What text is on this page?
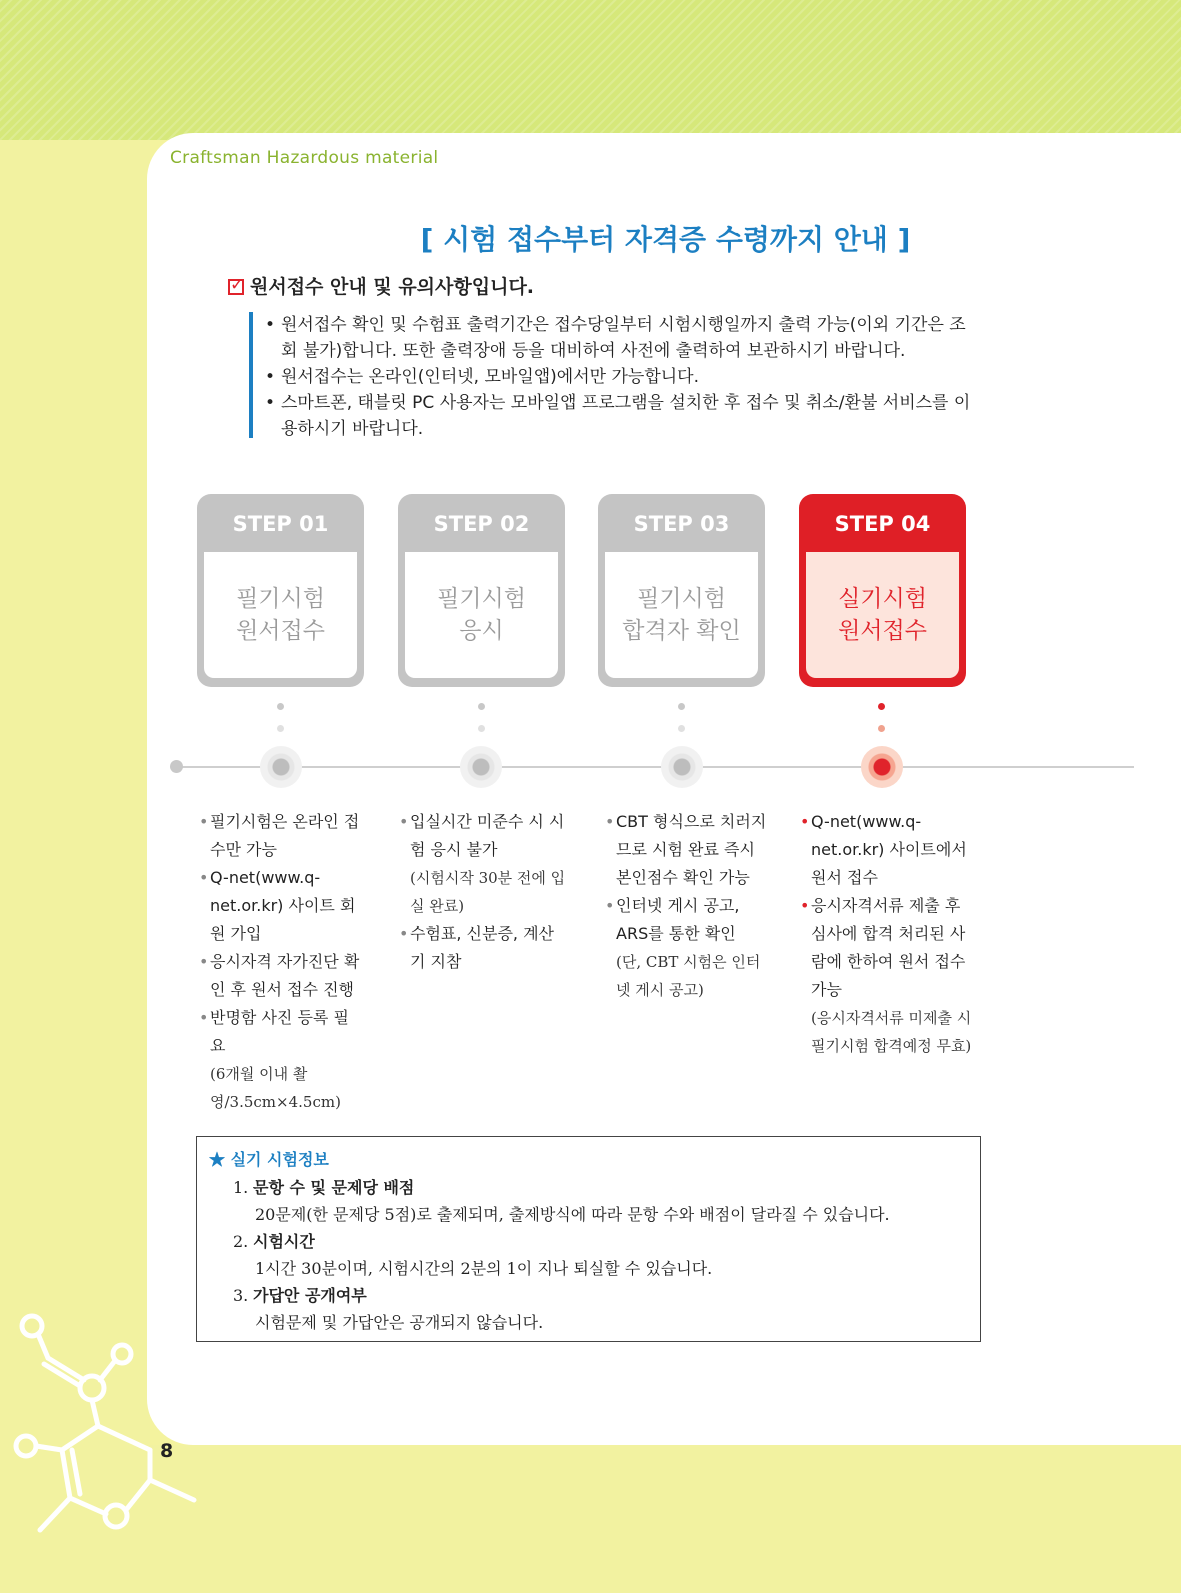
Craftsman Hazardous material
[ 시험 접수부터 자격증 수령까지 안내 ]
✓원서접수 안내 및 유의사항입니다.
• 원서접수 확인 및 수험표 출력기간은 접수당일부터 시험시행일까지 출력 가능(이외 기간은 조회 불가)합니다. 또한 출력장애 등을 대비하여 사전에 출력하여 보관하시기 바랍니다.
• 원서접수는 온라인(인터넷, 모바일앱)에서만 가능합니다.
• 스마트폰, 태블릿 PC 사용자는 모바일앱 프로그램을 설치한 후 접수 및 취소/환불 서비스를 이용하시기 바랍니다.
STEP 01
필기시험
원서접수
STEP 02
필기시험
응시
STEP 03
필기시험
합격자 확인
STEP 04
실기시험
원서접수
• 필기시험은 온라인 접수만 가능
• Q-net(www.q-net.or.kr) 사이트 회원 가입
• 응시자격 자가진단 확인 후 원서 접수 진행
• 반명함 사진 등록 필요
(6개월 이내 촬영/3.5cm×4.5cm)
• 입실시간 미준수 시 시험 응시 불가
(시험시작 30분 전에 입실 완료)
• 수험표, 신분증, 계산기 지참
• CBT 형식으로 치러지므로 시험 완료 즉시 본인점수 확인 가능
• 인터넷 게시 공고, ARS를 통한 확인
(단, CBT 시험은 인터넷 게시 공고)
• Q-net(www.q-net.or.kr) 사이트에서 원서 접수
• 응시자격서류 제출 후 심사에 합격 처리된 사람에 한하여 원서 접수 가능
(응시자격서류 미제출 시 필기시험 합격예정 무효)
★ 실기 시험정보
1. 문항 수 및 문제당 배점
20문제(한 문제당 5점)로 출제되며, 출제방식에 따라 문항 수와 배점이 달라질 수 있습니다.
2. 시험시간
1시간 30분이며, 시험시간의 2분의 1이 지나 퇴실할 수 있습니다.
3. 가답안 공개여부
시험문제 및 가답안은 공개되지 않습니다.
8
